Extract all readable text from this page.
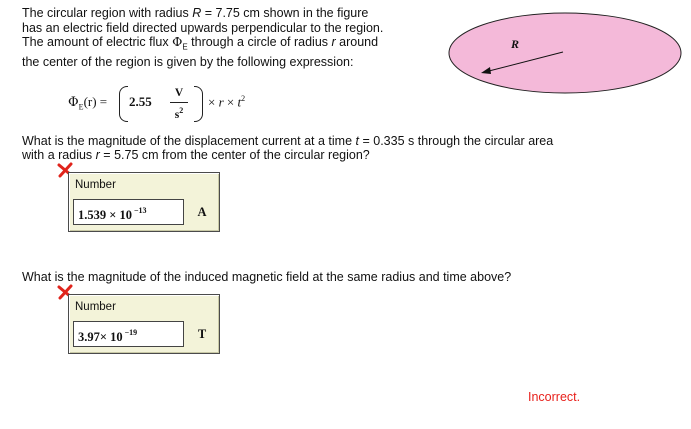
The circular region with radius R = 7.75 cm shown in the figure
has an electric field directed upwards perpendicular to the region.
The amount of electric flux $\Phi_E$ through a circle of radius r around
the center of the region is given by the following expression:
R
$\Phi_E(r) = 2.55$
V
$s^2$
× $r \times t^2$
What is the magnitude of the displacement current at a time t = 0.335 s through the circular area
with a radius r = 5.75 cm from the center of the circular region?
Number
1.539 × 10 $^{-13}$	A
What is the magnitude of the induced magnetic field at the same radius and time above?
Number
3.97× 10 $^{-19}$	T
Incorrect.
